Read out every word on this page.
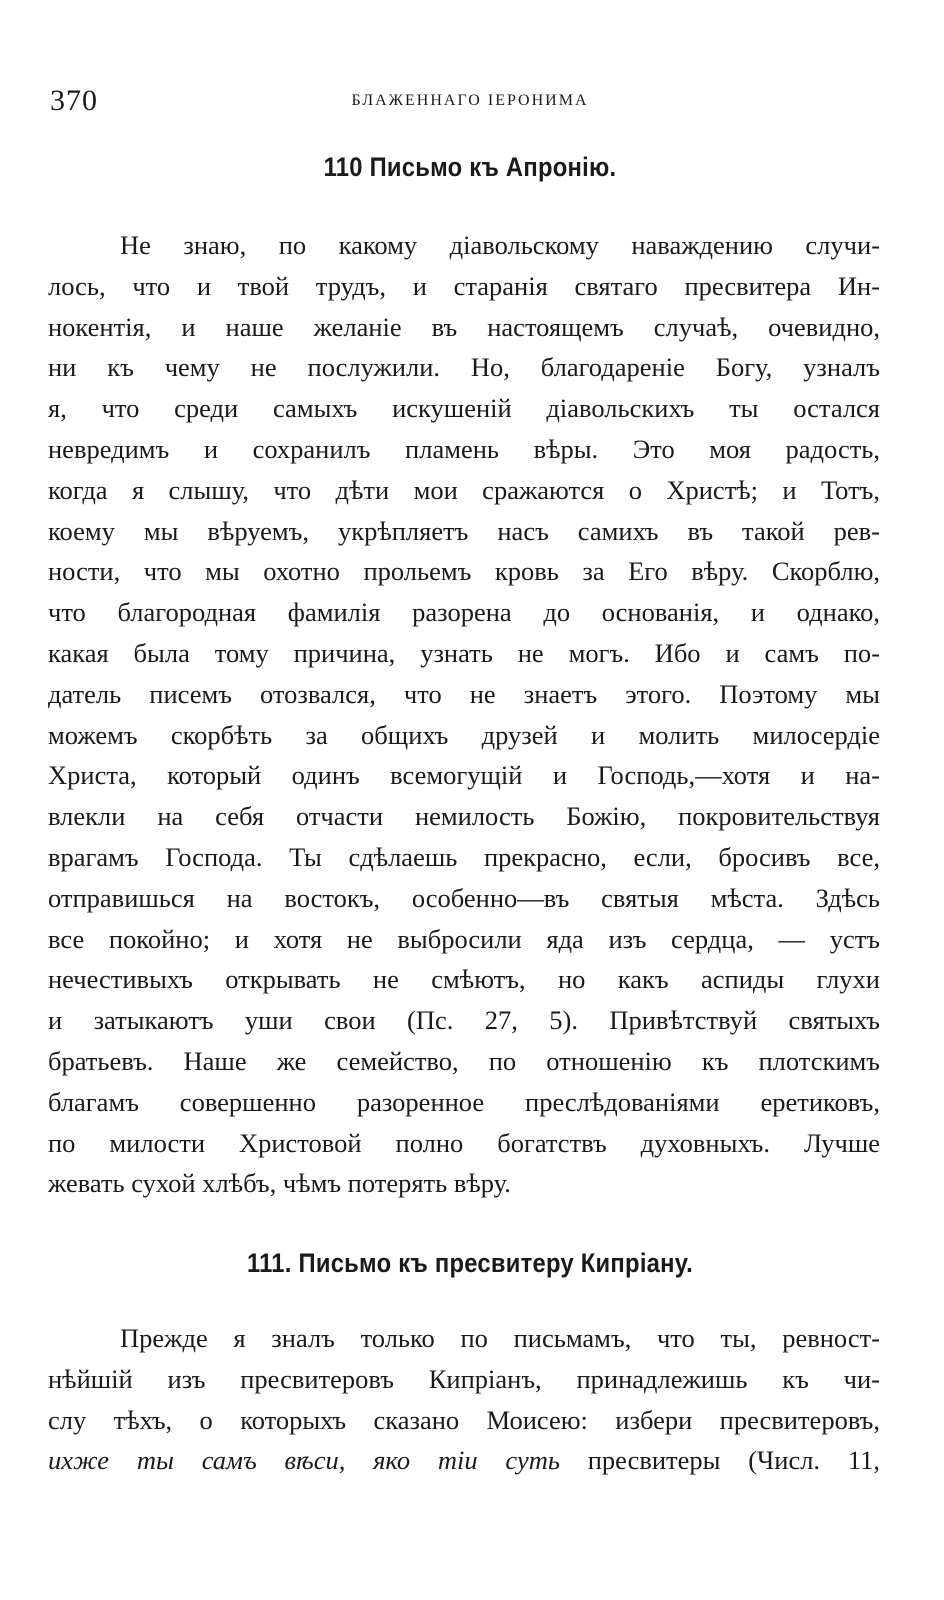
370	БЛАЖЕННАГО ІЕРОНИМА
110 Письмо къ Апронію.
Не знаю, по какому діавольскому наваждению случи-
лось, что и твой трудъ, и старанія святаго пресвитера Ин-
нокентія, и наше желаніе въ настоящемъ случаѣ, очевидно,
ни къ чему не послужили. Но, благодареніе Богу, узналъ
я, что среди самыхъ искушеній діавольскихъ ты остался
невредимъ и сохранилъ пламень вѣры. Это моя радость,
когда я слышу, что дѣти мои сражаются о Христѣ; и Тотъ,
коему мы вѣруемъ, укрѣпляетъ насъ самихъ въ такой рев-
ности, что мы охотно прольемъ кровь за Его вѣру. Скорблю,
что благородная фамилія разорена до основанія, и однако,
какая была тому причина, узнать не могъ. Ибо и самъ по-
датель писемъ отозвался, что не знаетъ этого. Поэтому мы
можемъ скорбѣть за общихъ друзей и молить милосердіе
Христа, который одинъ всемогущій и Господь,—хотя и на-
влекли на себя отчасти немилость Божію, покровительствуя
врагамъ Господа. Ты сдѣлаешь прекрасно, если, бросивъ все,
отправишься на востокъ, особенно—въ святыя мѣста. Здѣсь
все покойно; и хотя не выбросили яда изъ сердца, — устъ
нечестивыхъ открывать не смѣютъ, но какъ аспиды глухи
и затыкаютъ уши свои (Пс. 27, 5). Привѣтствуй святыхъ
братьевъ. Наше же семейство, по отношенію къ плотскимъ
благамъ совершенно разоренное преслѣдованіями еретиковъ,
по милости Христовой полно богатствъ духовныхъ. Лучше
жевать сухой хлѣбъ, чѣмъ потерять вѣру.
111. Письмо къ пресвитеру Кипріану.
Прежде я зналъ только по письмамъ, что ты, ревност-
нѣйшій изъ пресвитеровъ Кипріанъ, принадлежишь къ чи-
слу тѣхъ, о которыхъ сказано Моисею: избери пресвитеровъ,
ихже ты самъ вѣси, яко тіи суть пресвитеры (Числ. 11,
